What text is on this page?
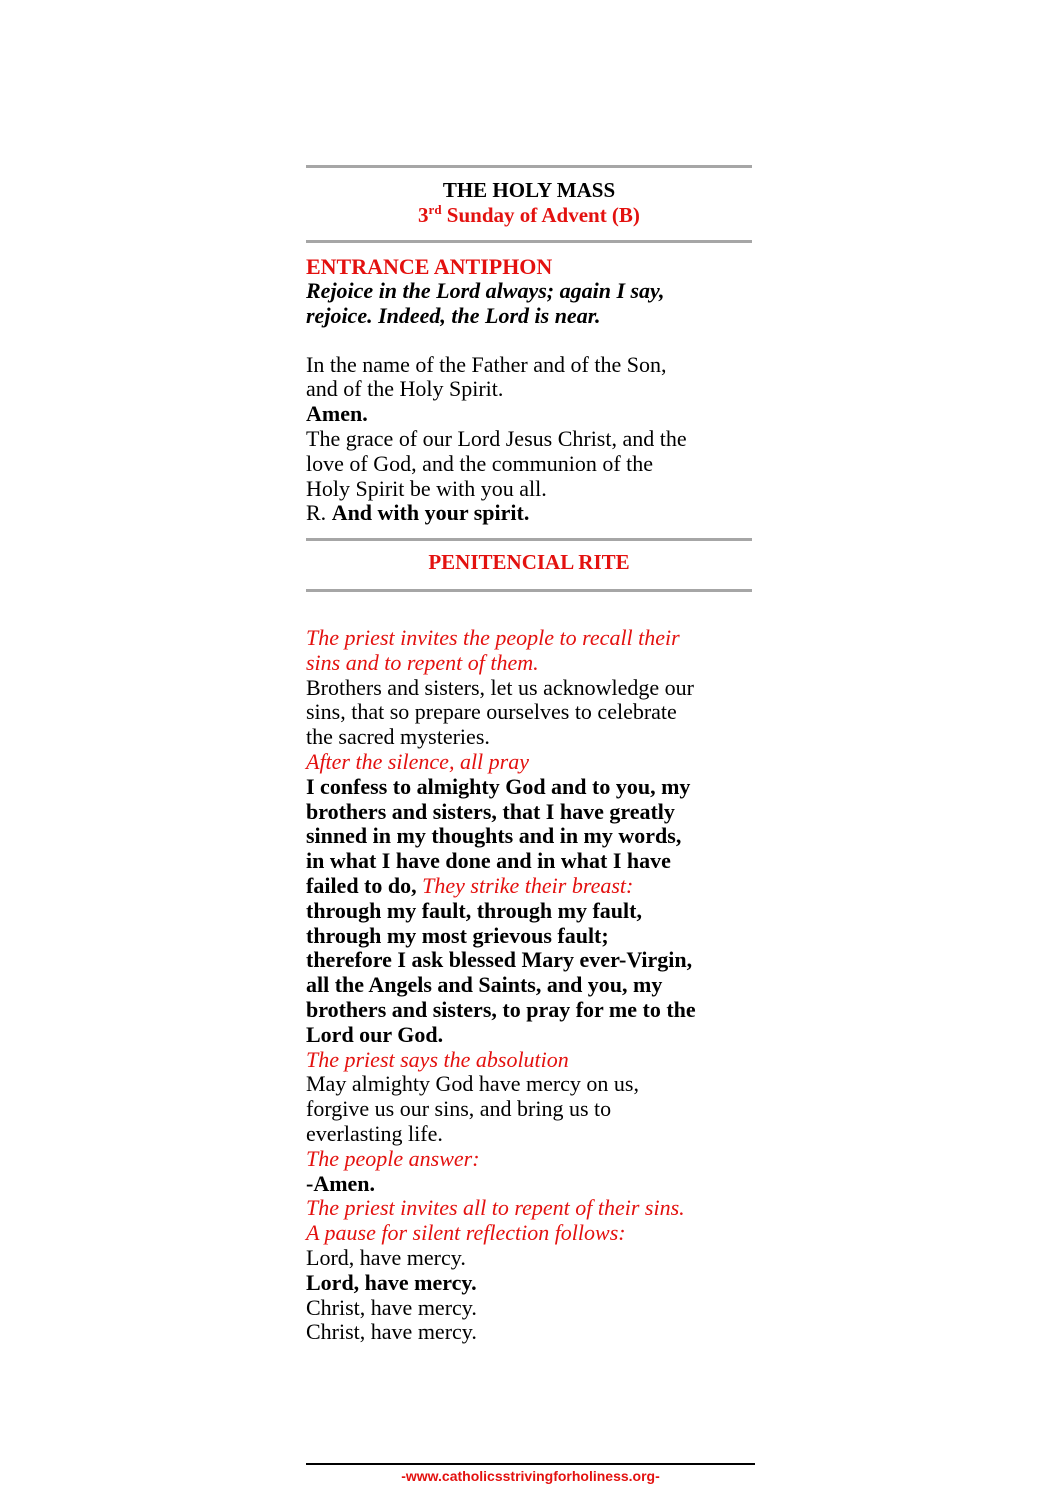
THE HOLY MASS
3rd Sunday of Advent (B)
ENTRANCE ANTIPHON
Rejoice in the Lord always; again I say,
rejoice. Indeed, the Lord is near.
In the name of the Father and of the Son,
and of the Holy Spirit.
Amen.
The grace of our Lord Jesus Christ, and the
love of God, and the communion of the
Holy Spirit be with you all.
R. And with your spirit.
PENITENCIAL RITE
The priest invites the people to recall their
sins and to repent of them.
Brothers and sisters, let us acknowledge our
sins, that so prepare ourselves to celebrate
the sacred mysteries.
After the silence, all pray
I confess to almighty God and to you, my
brothers and sisters, that I have greatly
sinned in my thoughts and in my words,
in what I have done and in what I have
failed to do, They strike their breast:
through my fault, through my fault,
through my most grievous fault;
therefore I ask blessed Mary ever-Virgin,
all the Angels and Saints, and you, my
brothers and sisters, to pray for me to the
Lord our God.
The priest says the absolution
May almighty God have mercy on us,
forgive us our sins, and bring us to
everlasting life.
The people answer:
-Amen.
The priest invites all to repent of their sins.
A pause for silent reflection follows:
Lord, have mercy.
Lord, have mercy.
Christ, have mercy.
Christ, have mercy.
-www.catholicsstrivingforholiness.org-
